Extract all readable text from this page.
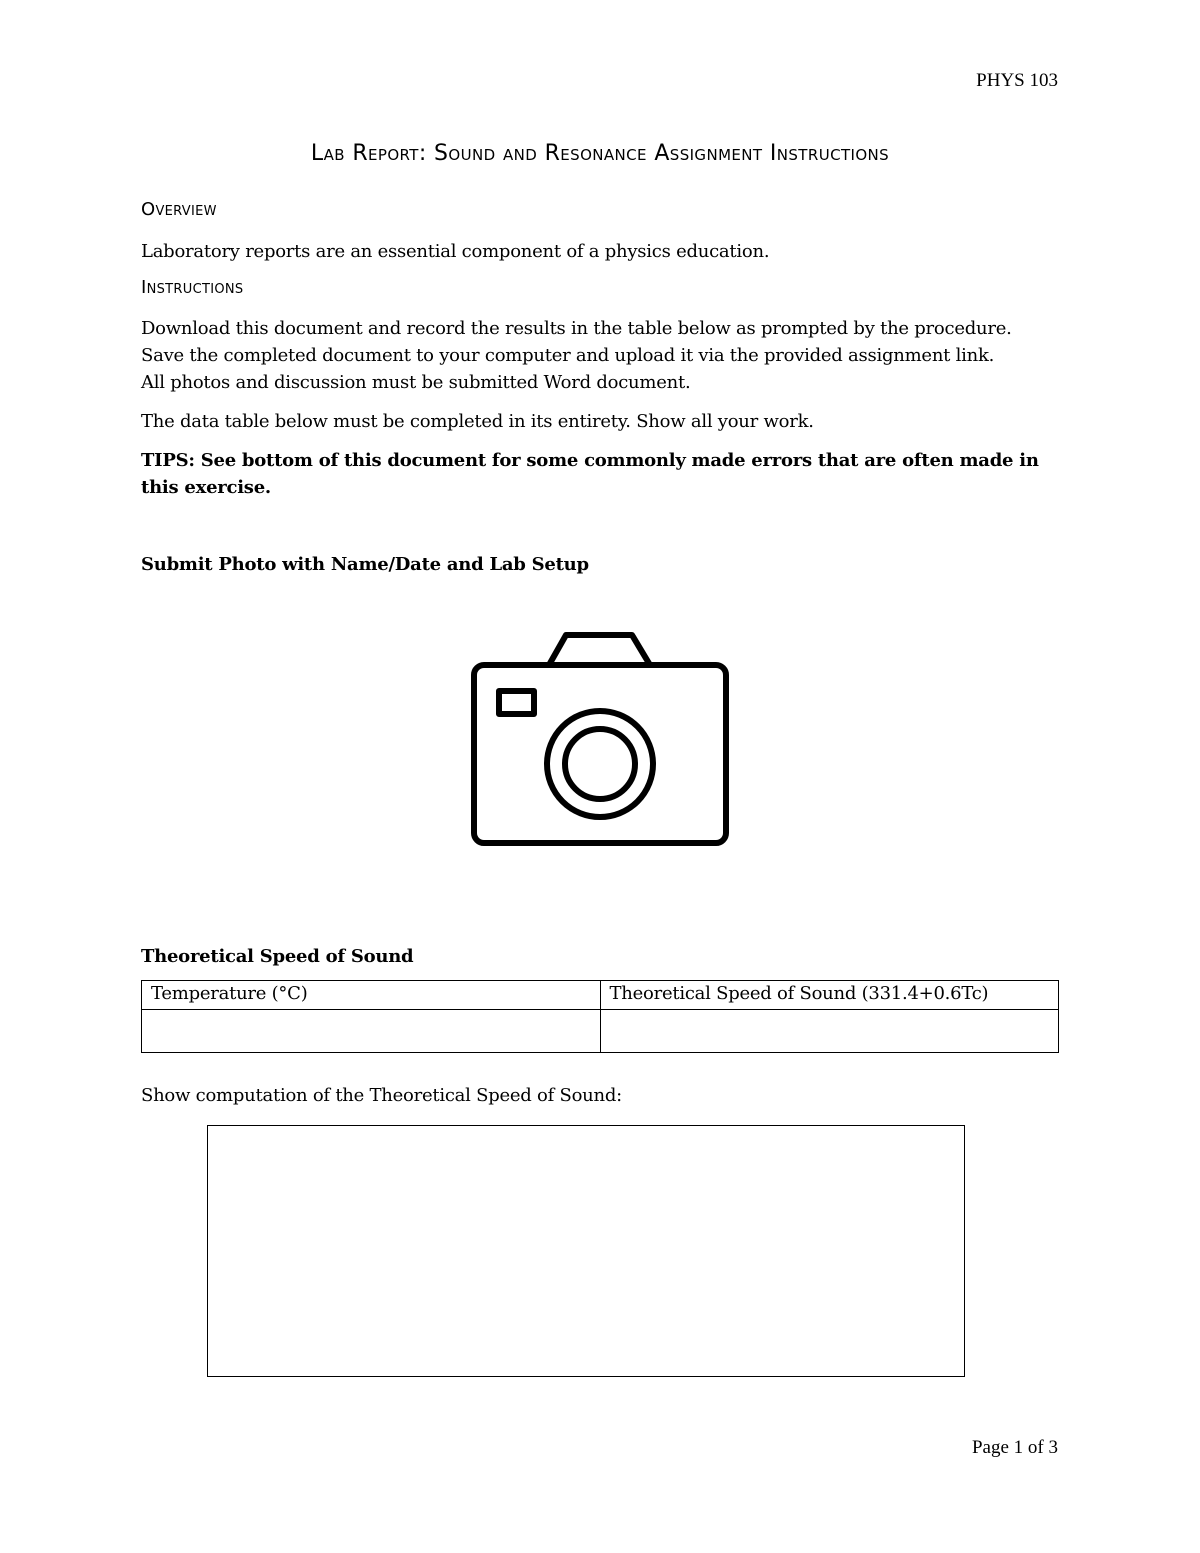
PHYS 103
Lab Report: Sound and Resonance Assignment Instructions
Overview
Laboratory reports are an essential component of a physics education.
Instructions
Download this document and record the results in the table below as prompted by the procedure.
Save the completed document to your computer and upload it via the provided assignment link.
All photos and discussion must be submitted Word document.
The data table below must be completed in its entirety. Show all your work.
TIPS: See bottom of this document for some commonly made errors that are often made in this exercise.
Submit Photo with Name/Date and Lab Setup
Theoretical Speed of Sound
Temperature (°C)	Theoretical Speed of Sound (331.4+0.6Tc)

Show computation of the Theoretical Speed of Sound:
Page 1 of 3
